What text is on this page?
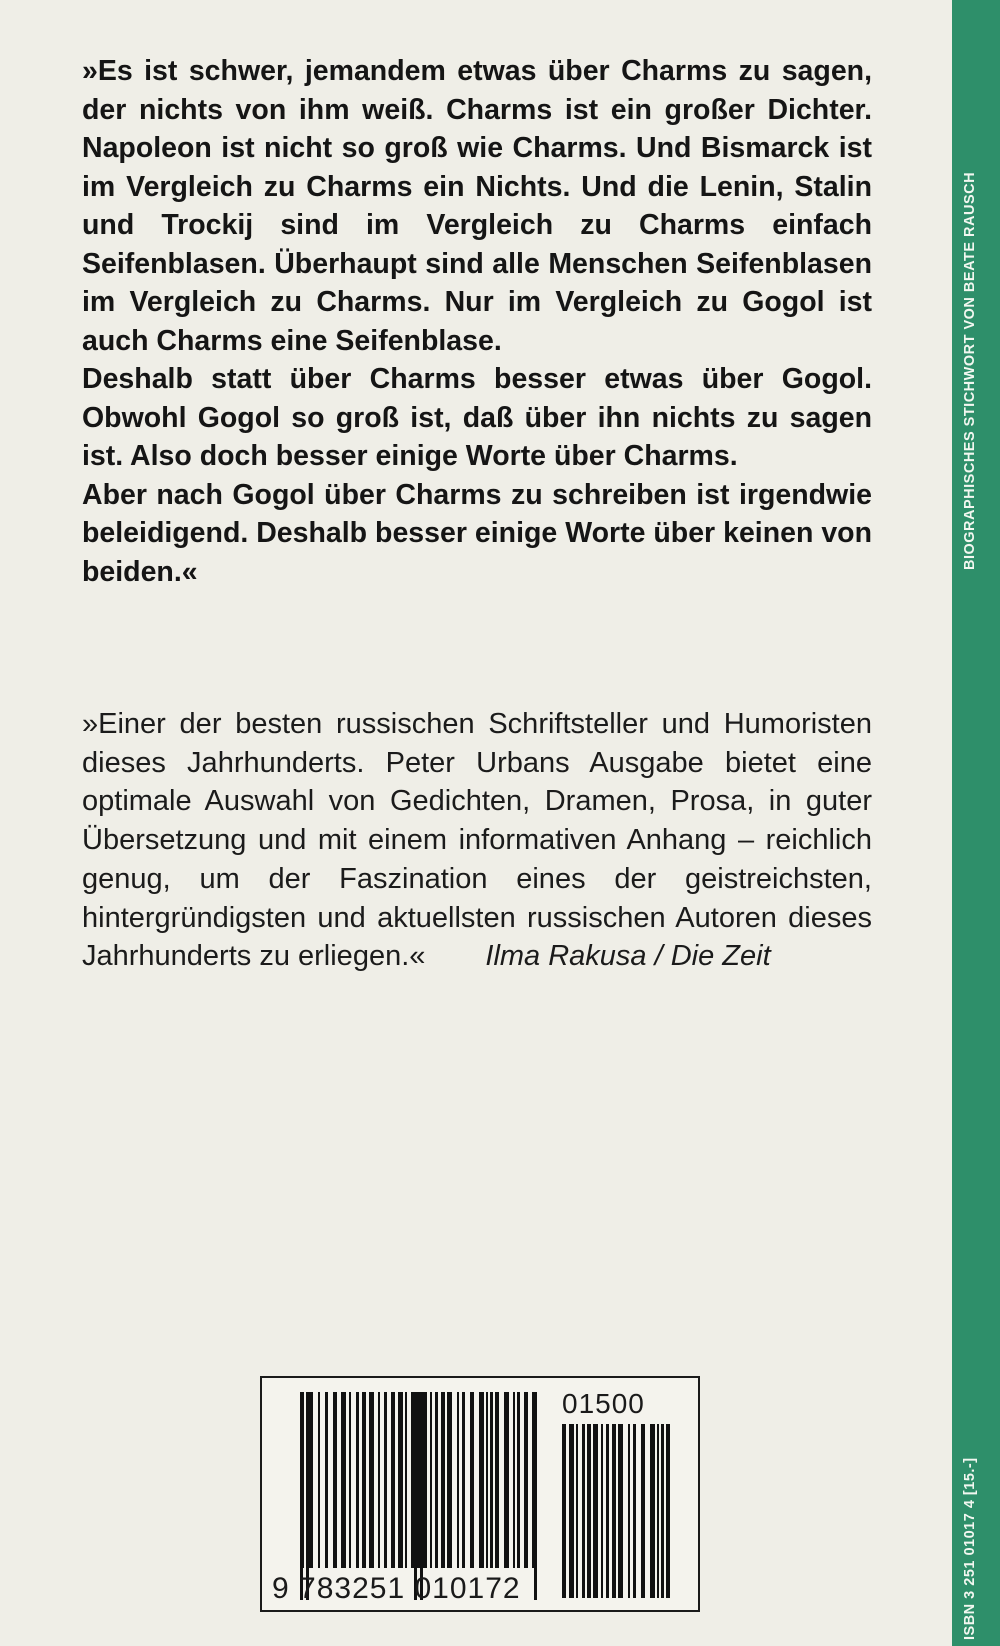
»Es ist schwer, jemandem etwas über Charms zu sagen, der nichts von ihm weiß. Charms ist ein großer Dichter. Napoleon ist nicht so groß wie Charms. Und Bismarck ist im Vergleich zu Charms ein Nichts. Und die Lenin, Stalin und Trockij sind im Vergleich zu Charms einfach Seifenblasen. Überhaupt sind alle Menschen Seifenblasen im Vergleich zu Charms. Nur im Vergleich zu Gogol ist auch Charms eine Seifenblase.

Deshalb statt über Charms besser etwas über Gogol. Obwohl Gogol so groß ist, daß über ihn nichts zu sagen ist. Also doch besser einige Worte über Charms.

Aber nach Gogol über Charms zu schreiben ist irgendwie beleidigend. Deshalb besser einige Worte über keinen von beiden.«

»Einer der besten russischen Schriftsteller und Humoristen dieses Jahrhunderts. Peter Urbans Ausgabe bietet eine optimale Auswahl von Gedichten, Dramen, Prosa, in guter Übersetzung und mit einem informativen Anhang – reichlich genug, um der Faszination eines der geistreichsten, hintergründigsten und aktuellsten russischen Autoren dieses Jahrhunderts zu erliegen.« Ilma Rakusa / Die Zeit

9 783251 010172
01500
BIOGRAPHISCHES STICHWORT VON BEATE RAUSCH
ISBN 3 251 01017 4 [15.-]
